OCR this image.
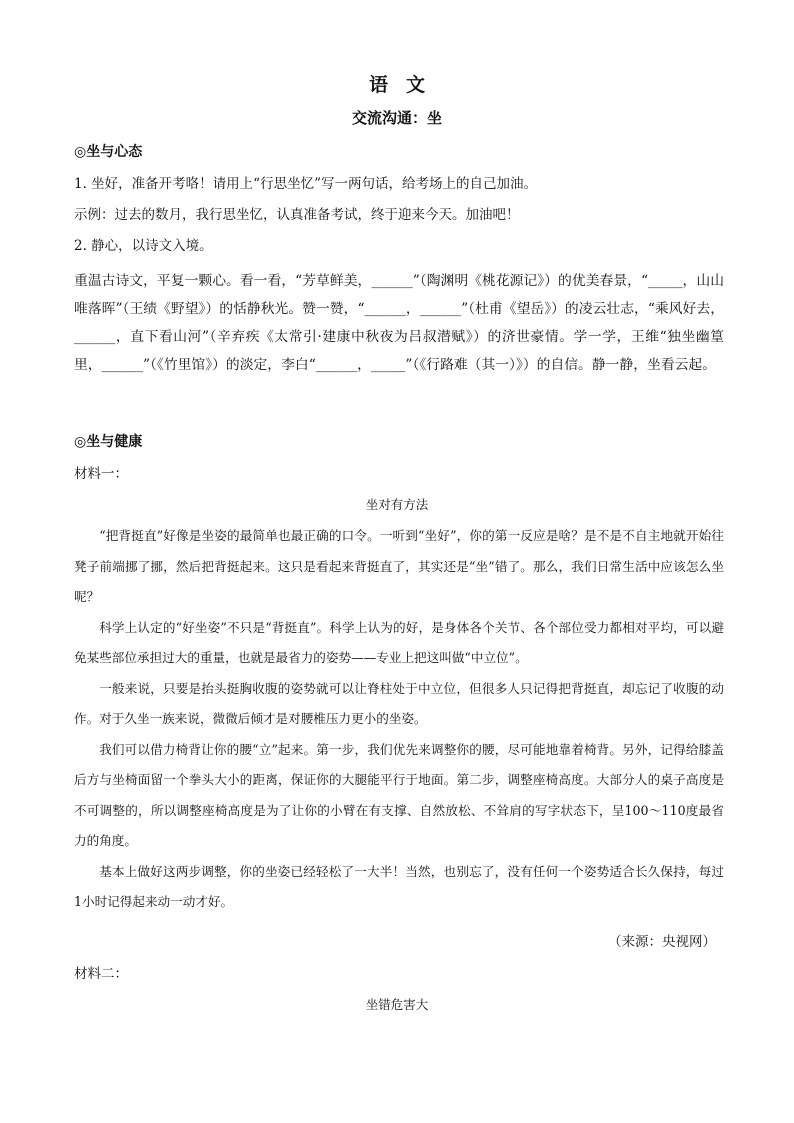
语文
交流沟通：坐
◎坐与心态
1. 坐好，准备开考咯！请用上“行思坐忆”写一两句话，给考场上的自己加油。
示例：过去的数月，我行思坐忆，认真准备考试，终于迎来今天。加油吧！
2. 静心，以诗文入境。
重温古诗文，平复一颗心。看一看，“芳草鲜美，______”（陶渊明《桃花源记》）的优美春景，“_____，山山唯落晖”（王绩《野望》）的恬静秋光。赞一赞，“______，______”（杜甫《望岳》）的凌云壮志，“乘风好去，______，直下看山河”（辛弃疾《太常引·建康中秋夜为吕叔潜赋》）的济世豪情。学一学，王维“独坐幽篁里，______”（《竹里馆》）的淡定，李白“______，_____”（《行路难（其一）》）的自信。静一静，坐看云起。
◎坐与健康
材料一：
坐对有方法

“把背挺直”好像是坐姿的最简单也最正确的口令。一听到“坐好”，你的第一反应是啥？是不是不自主地就开始往凳子前端挪了挪，然后把背挺起来。这只是看起来背挺直了，其实还是“坐”错了。那么，我们日常生活中应该怎么坐呢？

科学上认定的“好坐姿”不只是“背挺直”。科学上认为的好，是身体各个关节、各个部位受力都相对平均，可以避免某些部位承担过大的重量，也就是最省力的姿势——专业上把这叫做“中立位”。

一般来说，只要是抬头挺胸收腹的姿势就可以让脊柱处于中立位，但很多人只记得把背挺直，却忘记了收腹的动作。对于久坐一族来说，微微后倾才是对腰椎压力更小的坐姿。

我们可以借力椅背让你的腰“立”起来。第一步，我们优先来调整你的腰，尽可能地靠着椅背。另外，记得给膝盖后方与坐椅面留一个拳头大小的距离，保证你的大腿能平行于地面。第二步，调整座椅高度。大部分人的桌子高度是不可调整的，所以调整座椅高度是为了让你的小臂在有支撑、自然放松、不耸肩的写字状态下，呈100～110度最省力的角度。

基本上做好这两步调整，你的坐姿已经轻松了一大半！当然，也别忘了，没有任何一个姿势适合长久保持，每过1小时记得起来动一动才好。

（来源：央视网）
材料二：
坐错危害大
